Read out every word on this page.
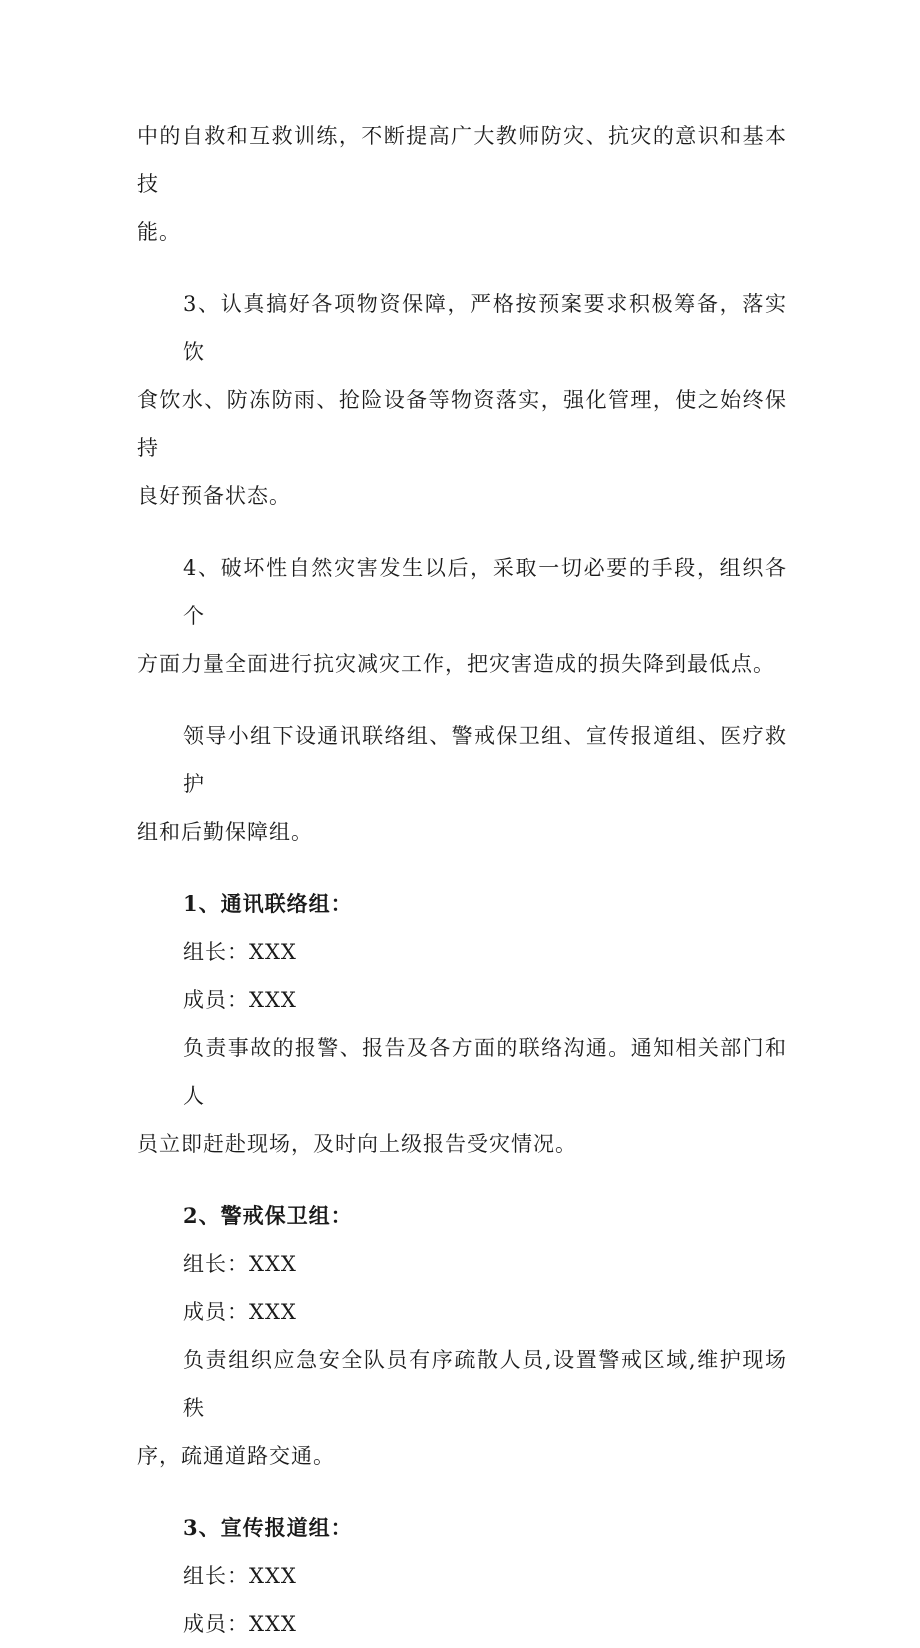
中的自救和互救训练，不断提高广大教师防灾、抗灾的意识和基本技
能。
3、认真搞好各项物资保障，严格按预案要求积极筹备，落实饮
食饮水、防冻防雨、抢险设备等物资落实，强化管理，使之始终保持
良好预备状态。
4、破坏性自然灾害发生以后，采取一切必要的手段，组织各个
方面力量全面进行抗灾减灾工作，把灾害造成的损失降到最低点。
领导小组下设通讯联络组、警戒保卫组、宣传报道组、医疗救护
组和后勤保障组。
1、通讯联络组：
组长：XXX
成员：XXX
负责事故的报警、报告及各方面的联络沟通。通知相关部门和人
员立即赶赴现场，及时向上级报告受灾情况。
2、警戒保卫组：
组长：XXX
成员：XXX
负责组织应急安全队员有序疏散人员,设置警戒区域,维护现场秩
序，疏通道路交通。
3、宣传报道组：
组长：XXX
成员：XXX
